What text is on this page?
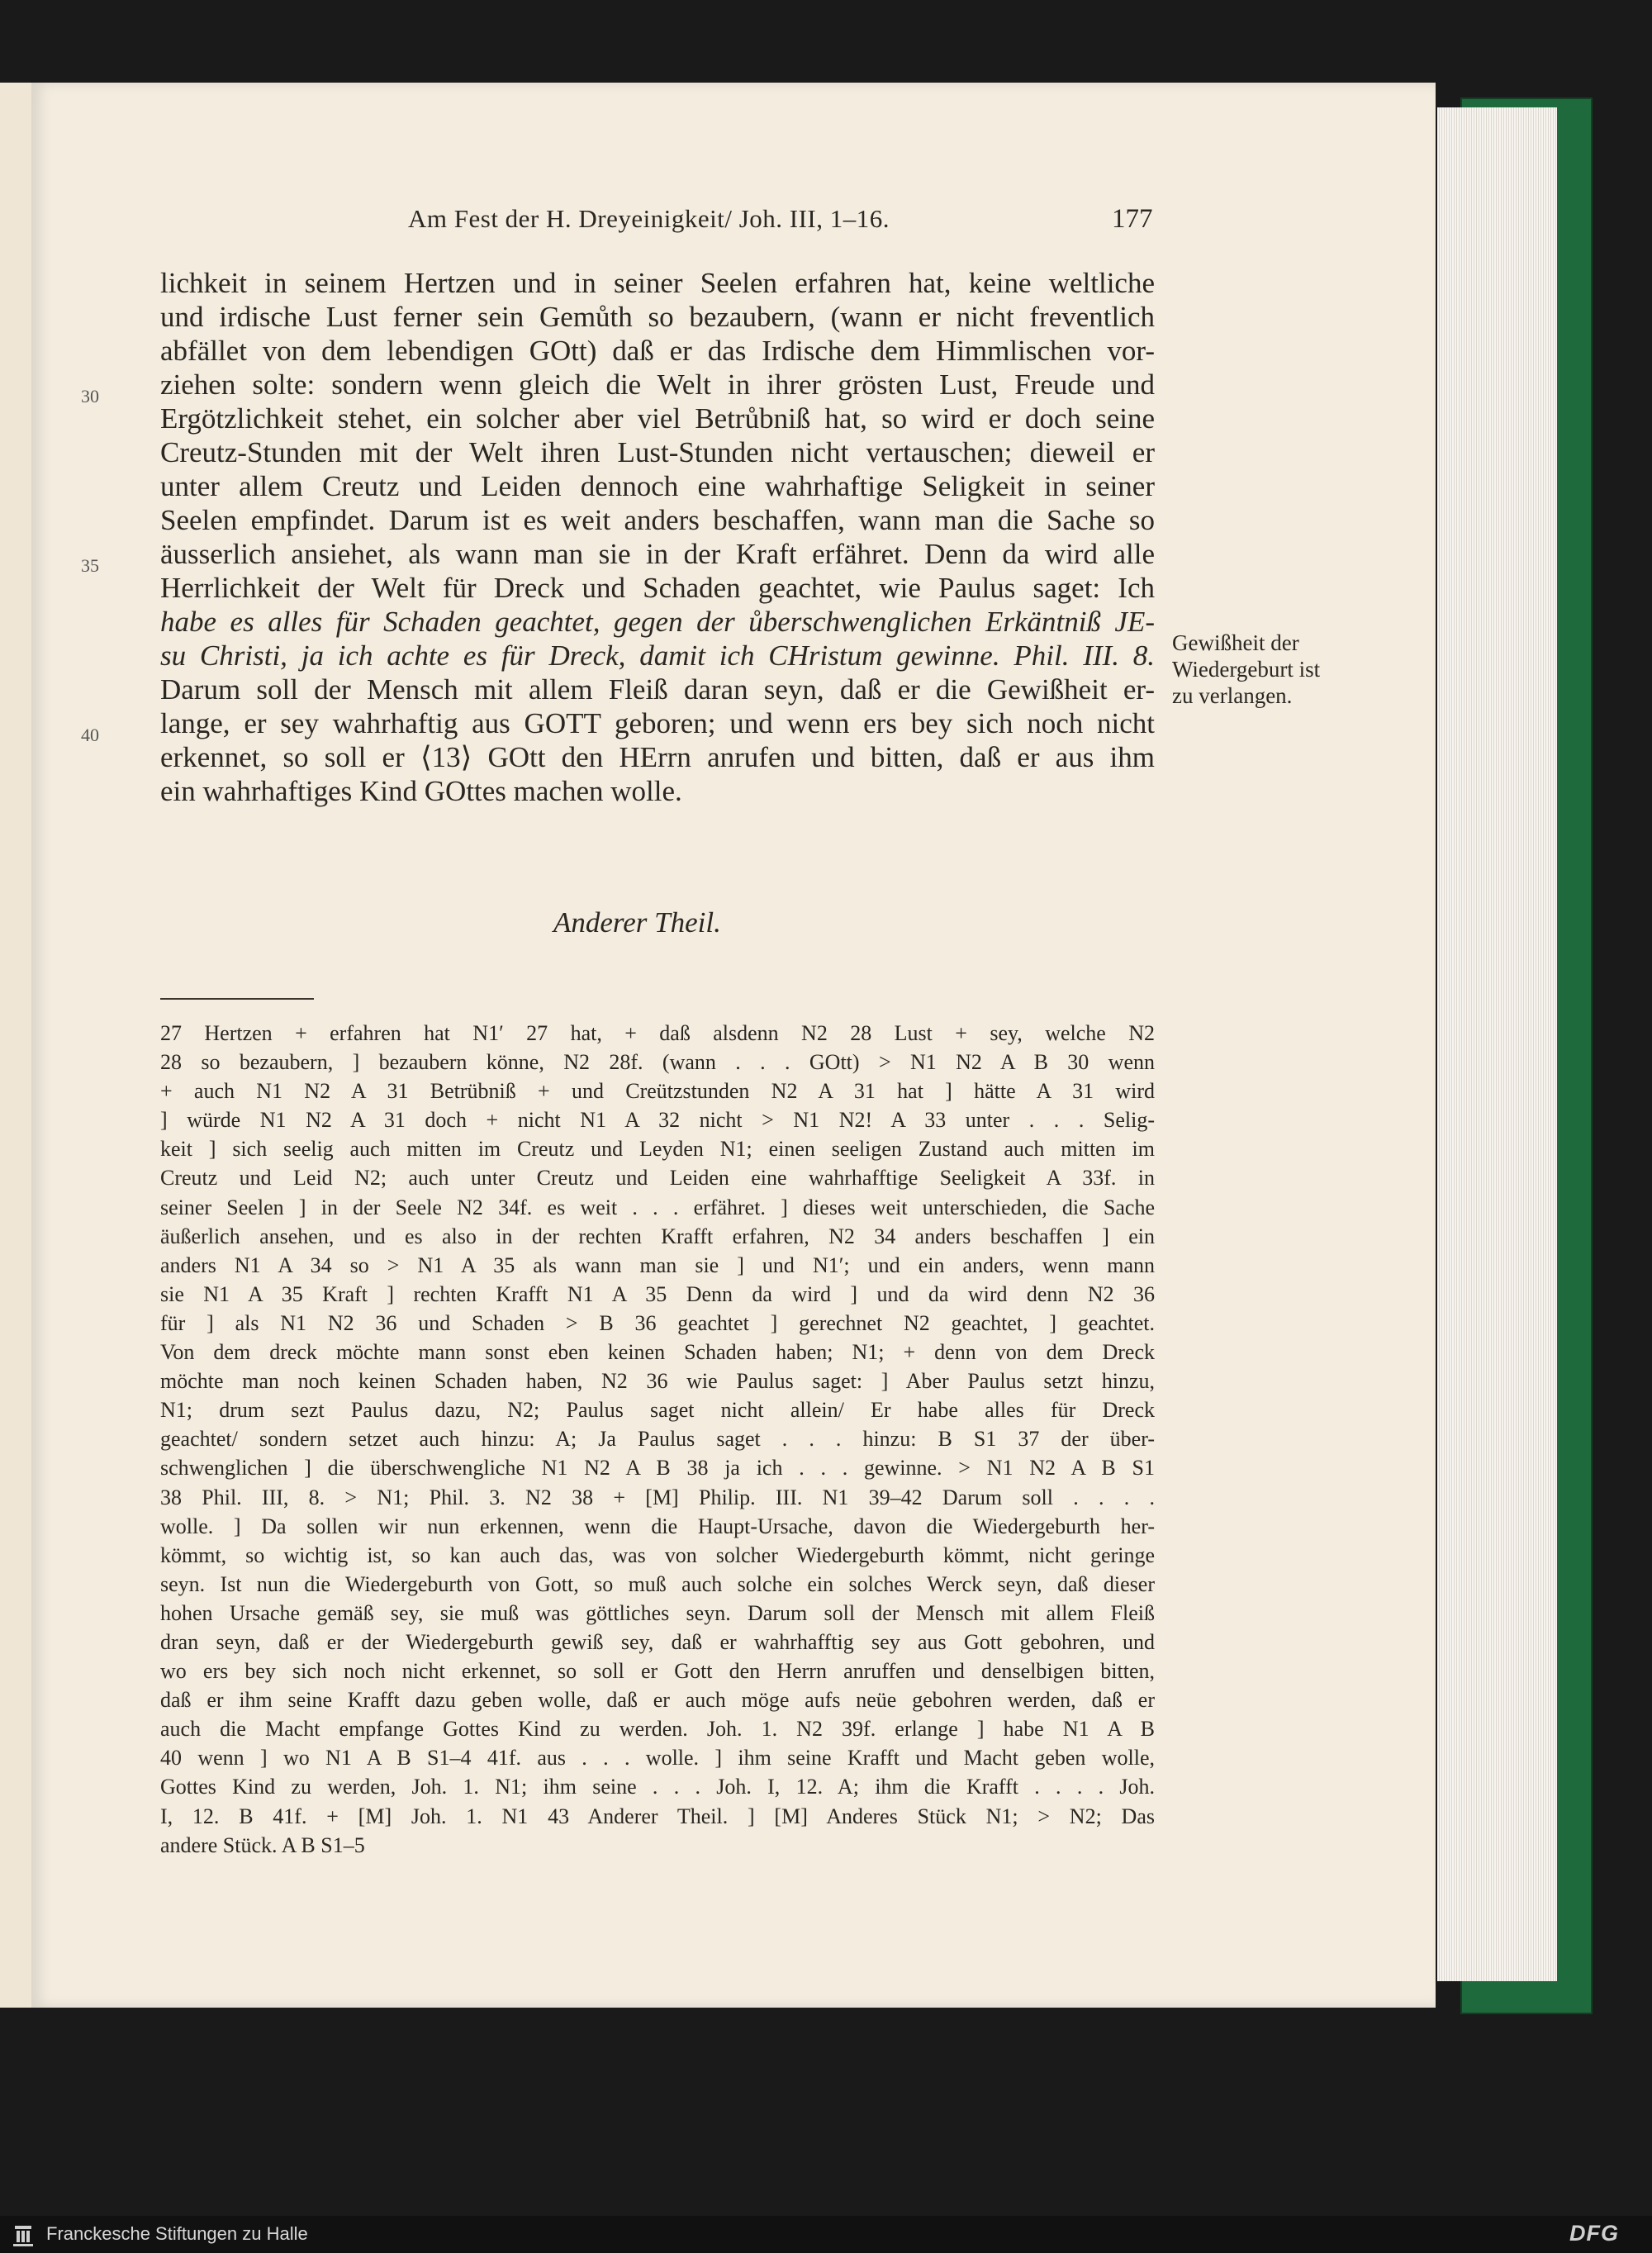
Am Fest der H. Dreyeinigkeit/ Joh. III, 1–16.	177
lichkeit in seinem Hertzen und in seiner Seelen erfahren hat, keine weltliche
und irdische Lust ferner sein Gemůth so bezaubern, (wann er nicht freventlich
abfället von dem lebendigen GOtt) daß er das Irdische dem Himmlischen vor-
ziehen solte: sondern wenn gleich die Welt in ihrer grösten Lust, Freude und
Ergötzlichkeit stehet, ein solcher aber viel Betrůbniß hat, so wird er doch seine
Creutz-Stunden mit der Welt ihren Lust-Stunden nicht vertauschen; dieweil er
unter allem Creutz und Leiden dennoch eine wahrhaftige Seligkeit in seiner
Seelen empfindet. Darum ist es weit anders beschaffen, wann man die Sache so
äusserlich ansiehet, als wann man sie in der Kraft erfähret. Denn da wird alle
Herrlichkeit der Welt für Dreck und Schaden geachtet, wie Paulus saget: Ich
habe es alles für Schaden geachtet, gegen der ůberschwenglichen Erkäntniß JE-
su Christi, ja ich achte es für Dreck, damit ich CHristum gewinne. Phil. III. 8.
Darum soll der Mensch mit allem Fleiß daran seyn, daß er die Gewißheit er-
lange, er sey wahrhaftig aus GOTT geboren; und wenn ers bey sich noch nicht
erkennet, so soll er ⟨13⟩ GOtt den HErrn anrufen und bitten, daß er aus ihm
ein wahrhaftiges Kind GOttes machen wolle.
30
35
40
Gewißheit der Wiedergeburt ist zu verlangen.
Anderer Theil.
27 Hertzen + erfahren hat N1′ 27 hat, + daß alsdenn N2 28 Lust + sey, welche N2
28 so bezaubern, ] bezaubern könne, N2 28f. (wann . . . GOtt) > N1 N2 A B 30 wenn
+ auch N1 N2 A 31 Betrübniß + und Creützstunden N2 A 31 hat ] hätte A 31 wird
] würde N1 N2 A 31 doch + nicht N1 A 32 nicht > N1 N2! A 33 unter . . . Selig-
keit ] sich seelig auch mitten im Creutz und Leyden N1; einen seeligen Zustand auch mitten im
Creutz und Leid N2; auch unter Creutz und Leiden eine wahrhafftige Seeligkeit A 33f. in
seiner Seelen ] in der Seele N2 34f. es weit . . . erfähret. ] dieses weit unterschieden, die Sache
äußerlich ansehen, und es also in der rechten Krafft erfahren, N2 34 anders beschaffen ] ein
anders N1 A 34 so > N1 A 35 als wann man sie ] und N1′; und ein anders, wenn mann
sie N1 A 35 Kraft ] rechten Krafft N1 A 35 Denn da wird ] und da wird denn N2 36
für ] als N1 N2 36 und Schaden > B 36 geachtet ] gerechnet N2 geachtet, ] geachtet.
Von dem dreck möchte mann sonst eben keinen Schaden haben; N1; + denn von dem Dreck
möchte man noch keinen Schaden haben, N2 36 wie Paulus saget: ] Aber Paulus setzt hinzu,
N1; drum sezt Paulus dazu, N2; Paulus saget nicht allein/ Er habe alles für Dreck
geachtet/ sondern setzet auch hinzu: A; Ja Paulus saget . . . hinzu: B S1 37 der über-
schwenglichen ] die überschwengliche N1 N2 A B 38 ja ich . . . gewinne. > N1 N2 A B S1
38 Phil. III, 8. > N1; Phil. 3. N2 38 + [M] Philip. III. N1 39–42 Darum soll . . . .
wolle. ] Da sollen wir nun erkennen, wenn die Haupt-Ursache, davon die Wiedergeburth her-
kömmt, so wichtig ist, so kan auch das, was von solcher Wiedergeburth kömmt, nicht geringe
seyn. Ist nun die Wiedergeburth von Gott, so muß auch solche ein solches Werck seyn, daß dieser
hohen Ursache gemäß sey, sie muß was göttliches seyn. Darum soll der Mensch mit allem Fleiß
dran seyn, daß er der Wiedergeburth gewiß sey, daß er wahrhafftig sey aus Gott gebohren, und
wo ers bey sich noch nicht erkennet, so soll er Gott den Herrn anruffen und denselbigen bitten,
daß er ihm seine Krafft dazu geben wolle, daß er auch möge aufs neüe gebohren werden, daß er
auch die Macht empfange Gottes Kind zu werden. Joh. 1. N2 39f. erlange ] habe N1 A B
40 wenn ] wo N1 A B S1–4 41f. aus . . . wolle. ] ihm seine Krafft und Macht geben wolle,
Gottes Kind zu werden, Joh. 1. N1; ihm seine . . . Joh. I, 12. A; ihm die Krafft . . . . Joh.
I, 12. B 41f. + [M] Joh. 1. N1 43 Anderer Theil. ] [M] Anderes Stück N1; > N2; Das
andere Stück. A B S1–5
Franckesche Stiftungen zu Halle	DFG
